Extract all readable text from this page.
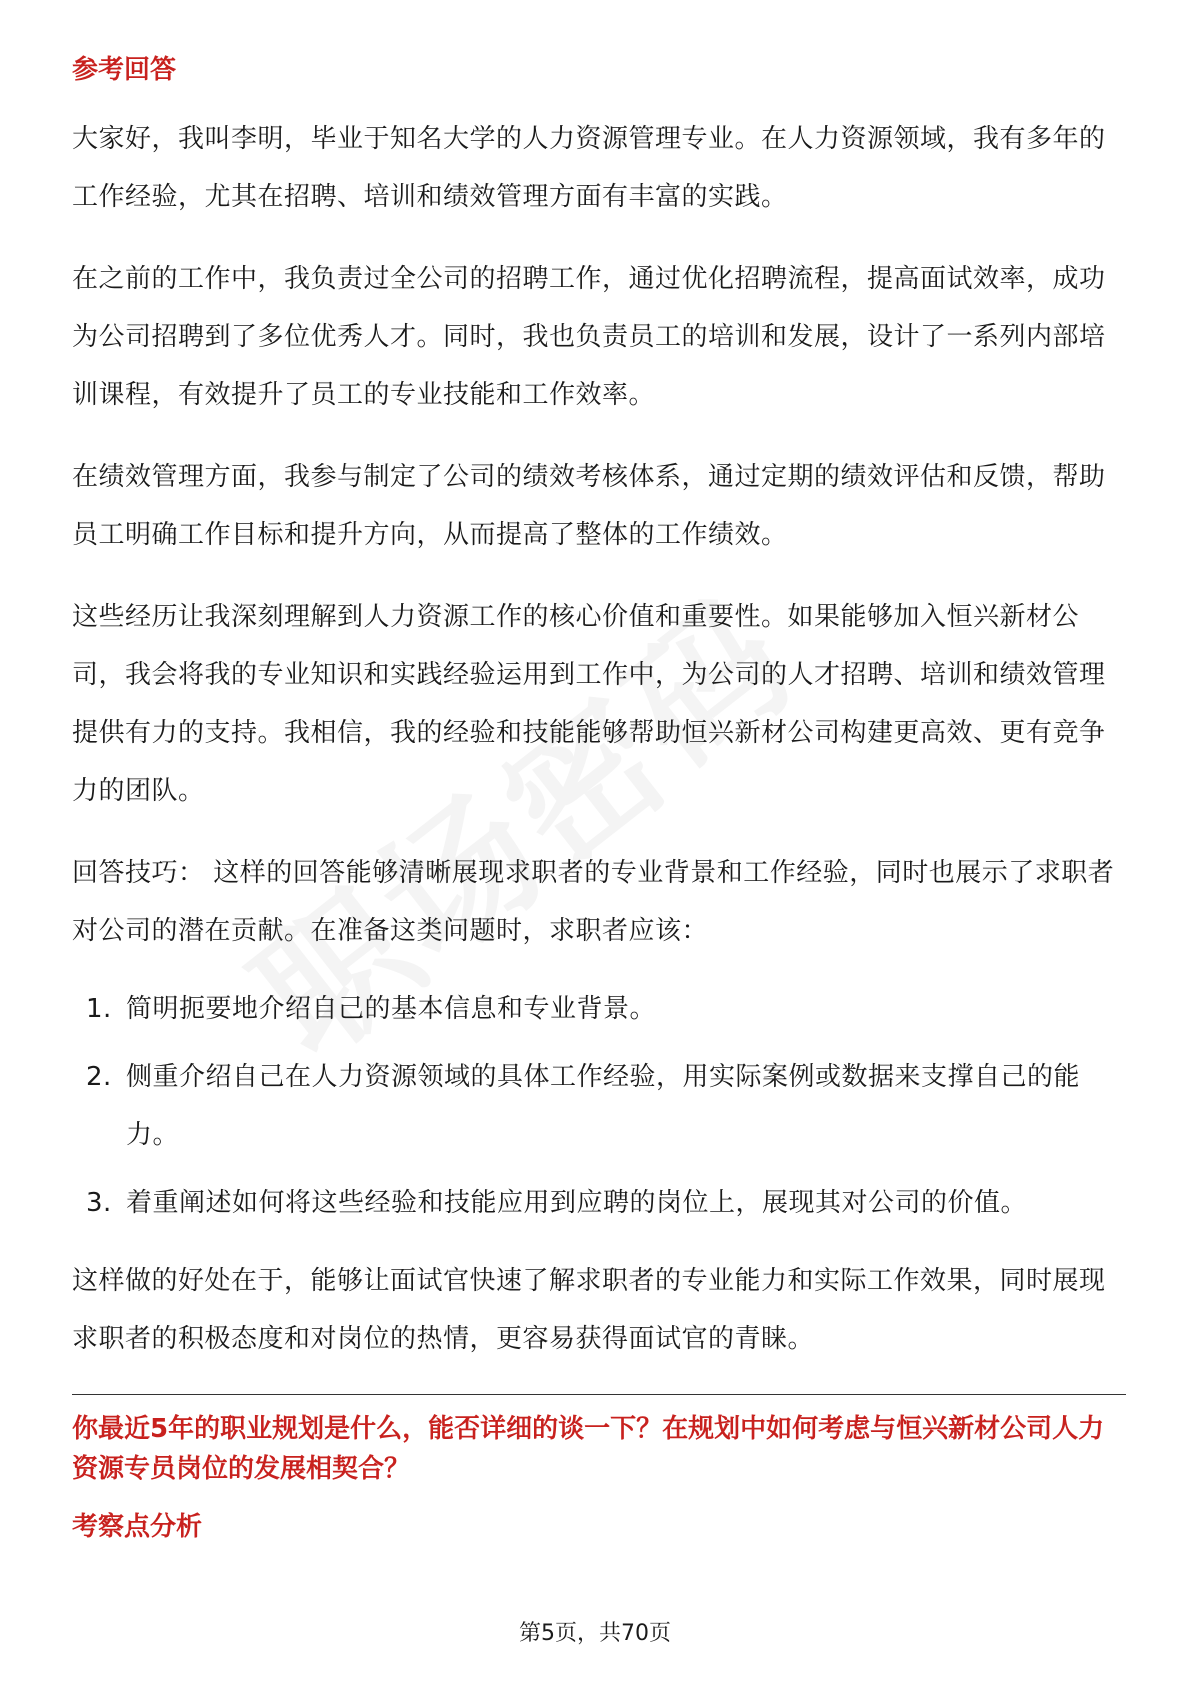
参考回答

大家好，我叫李明，毕业于知名大学的人力资源管理专业。在人力资源领域，我有多年的工作经验，尤其在招聘、培训和绩效管理方面有丰富的实践。

在之前的工作中，我负责过全公司的招聘工作，通过优化招聘流程，提高面试效率，成功为公司招聘到了多位优秀人才。同时，我也负责员工的培训和发展，设计了一系列内部培训课程，有效提升了员工的专业技能和工作效率。

在绩效管理方面，我参与制定了公司的绩效考核体系，通过定期的绩效评估和反馈，帮助员工明确工作目标和提升方向，从而提高了整体的工作绩效。

这些经历让我深刻理解到人力资源工作的核心价值和重要性。如果能够加入恒兴新材公司，我会将我的专业知识和实践经验运用到工作中，为公司的人才招聘、培训和绩效管理提供有力的支持。我相信，我的经验和技能能够帮助恒兴新材公司构建更高效、更有竞争力的团队。

回答技巧： 这样的回答能够清晰展现求职者的专业背景和工作经验，同时也展示了求职者对公司的潜在贡献。在准备这类问题时，求职者应该：

1. 简明扼要地介绍自己的基本信息和专业背景。
2. 侧重介绍自己在人力资源领域的具体工作经验，用实际案例或数据来支撑自己的能力。
3. 着重阐述如何将这些经验和技能应用到应聘的岗位上，展现其对公司的价值。

这样做的好处在于，能够让面试官快速了解求职者的专业能力和实际工作效果，同时展现求职者的积极态度和对岗位的热情，更容易获得面试官的青睐。

你最近5年的职业规划是什么，能否详细的谈一下？在规划中如何考虑与恒兴新材公司人力资源专员岗位的发展相契合？
考察点分析
第5页，共70页
